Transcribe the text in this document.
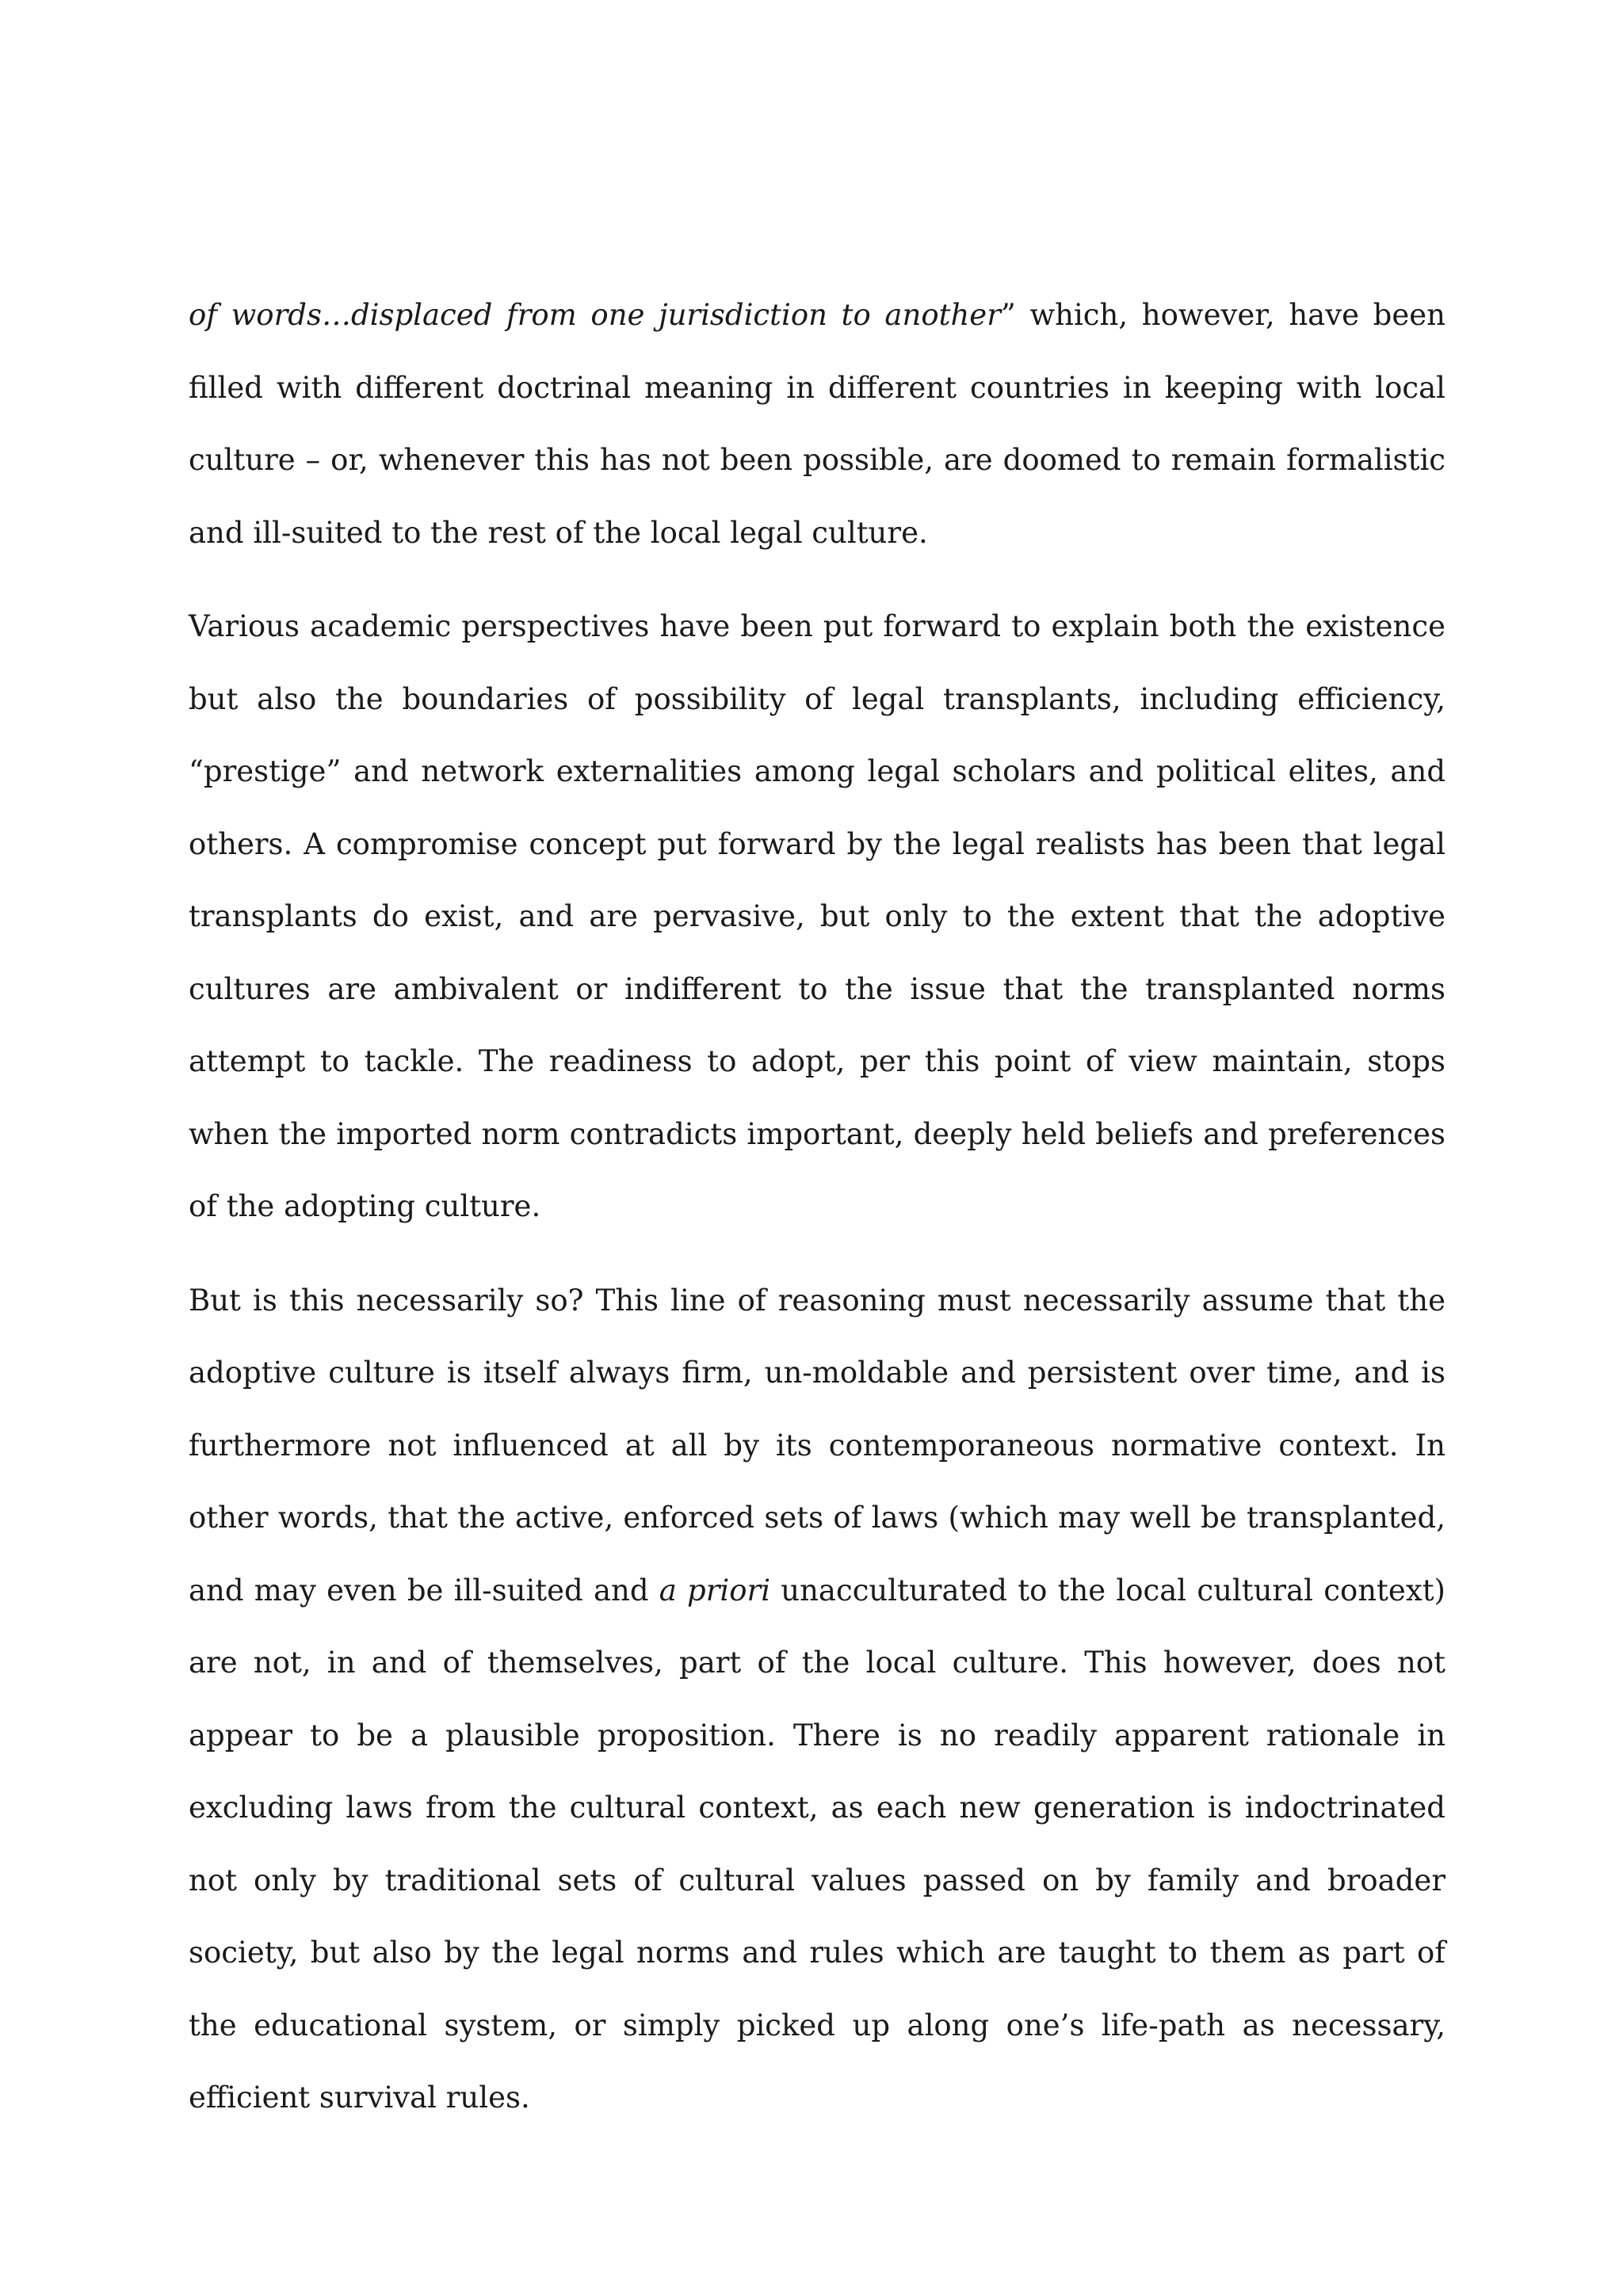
of words…displaced from one jurisdiction to another” which, however, have been filled with different doctrinal meaning in different countries in keeping with local culture – or, whenever this has not been possible, are doomed to remain formalistic and ill-suited to the rest of the local legal culture.

Various academic perspectives have been put forward to explain both the existence but also the boundaries of possibility of legal transplants, including efficiency, “prestige” and network externalities among legal scholars and political elites, and others. A compromise concept put forward by the legal realists has been that legal transplants do exist, and are pervasive, but only to the extent that the adoptive cultures are ambivalent or indifferent to the issue that the transplanted norms attempt to tackle. The readiness to adopt, per this point of view maintain, stops when the imported norm contradicts important, deeply held beliefs and preferences of the adopting culture.

But is this necessarily so? This line of reasoning must necessarily assume that the adoptive culture is itself always firm, un-moldable and persistent over time, and is furthermore not influenced at all by its contemporaneous normative context. In other words, that the active, enforced sets of laws (which may well be transplanted, and may even be ill-suited and a priori unacculturated to the local cultural context) are not, in and of themselves, part of the local culture. This however, does not appear to be a plausible proposition. There is no readily apparent rationale in excluding laws from the cultural context, as each new generation is indoctrinated not only by traditional sets of cultural values passed on by family and broader society, but also by the legal norms and rules which are taught to them as part of the educational system, or simply picked up along one’s life-path as necessary, efficient survival rules.
